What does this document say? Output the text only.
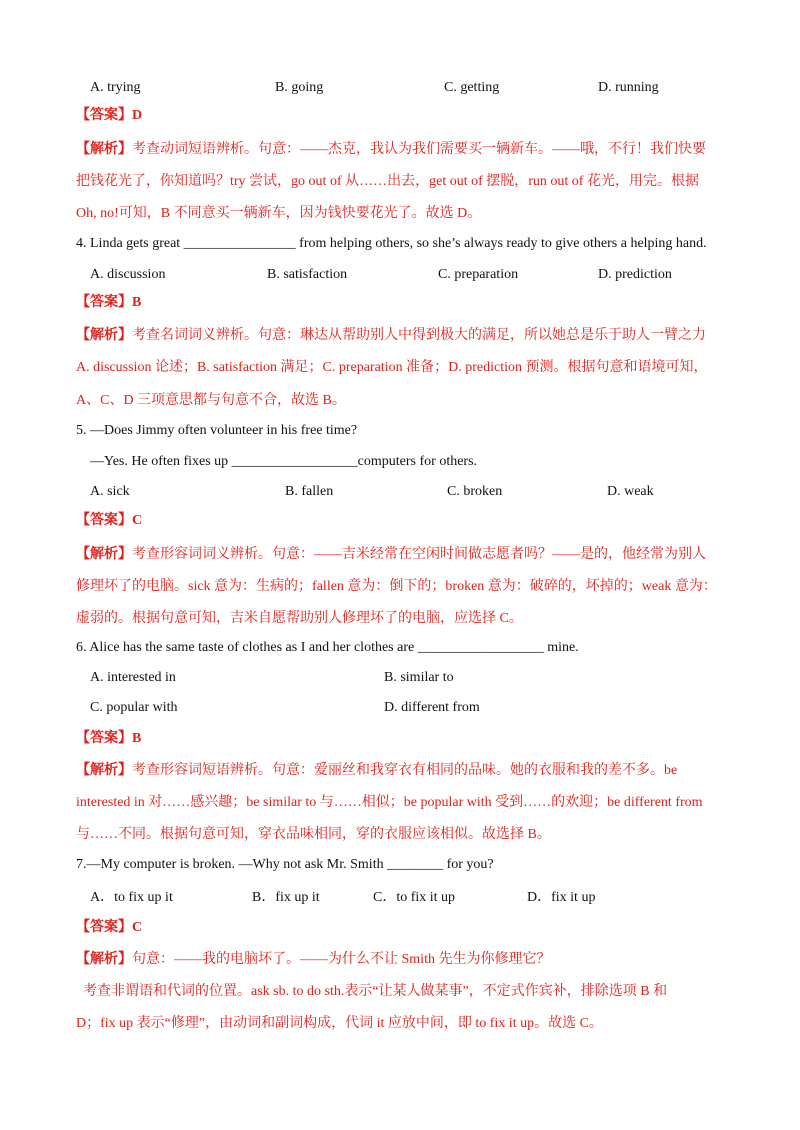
A. trying	B. going	C. getting	D. running
【答案】D
【解析】考查动词短语辨析。句意：——杰克，我认为我们需要买一辆新车。——哦，不行！我们快要
把钱花光了，你知道吗？try 尝试，go out of 从……出去，get out of 摆脱，run out of 花光，用完。根据
Oh, no!可知，B 不同意买一辆新车，因为钱快要花光了。故选 D。
4. Linda gets great ________________ from helping others, so she’s always ready to give others a helping hand.
A. discussion	B. satisfaction	C. preparation	D. prediction
【答案】B
【解析】考查名词词义辨析。句意：琳达从帮助别人中得到极大的满足，所以她总是乐于助人一臂之力
A. discussion 论述；B. satisfaction 满足；C. preparation 准备；D. prediction 预测。根据句意和语境可知，
A、C、D 三项意思都与句意不合，故选 B。
5. —Does Jimmy often volunteer in his free time?
—Yes. He often fixes up __________________computers for others.
A. sick	B. fallen	C. broken	D. weak
【答案】C
【解析】考查形容词词义辨析。句意：——吉米经常在空闲时间做志愿者吗？——是的，他经常为别人
修理坏了的电脑。sick 意为：生病的；fallen 意为：倒下的；broken 意为：破碎的，坏掉的；weak 意为：
虚弱的。根据句意可知，吉米自愿帮助别人修理坏了的电脑，应选择 C。
6. Alice has the same taste of clothes as I and her clothes are __________________ mine.
A. interested in	B. similar to
C. popular with	D. different from
【答案】B
【解析】考查形容词短语辨析。句意：爱丽丝和我穿衣有相同的品味。她的衣服和我的差不多。be
interested in 对……感兴趣；be similar to 与……相似；be popular with 受到……的欢迎；be different from
与……不同。根据句意可知，穿衣品味相同，穿的衣服应该相似。故选择 B。
7.—My computer is broken. —Why not ask Mr. Smith ________ for you?
A．to fix up it	B．fix up it	C．to fix it up	D．fix it up
【答案】C
【解析】句意：——我的电脑坏了。——为什么不让 Smith 先生为你修理它？
考查非谓语和代词的位置。ask sb. to do sth.表示“让某人做某事”，不定式作宾补，排除选项 B 和
D；fix up 表示“修理”，由动词和副词构成，代词 it 应放中间，即 to fix it up。故选 C。
